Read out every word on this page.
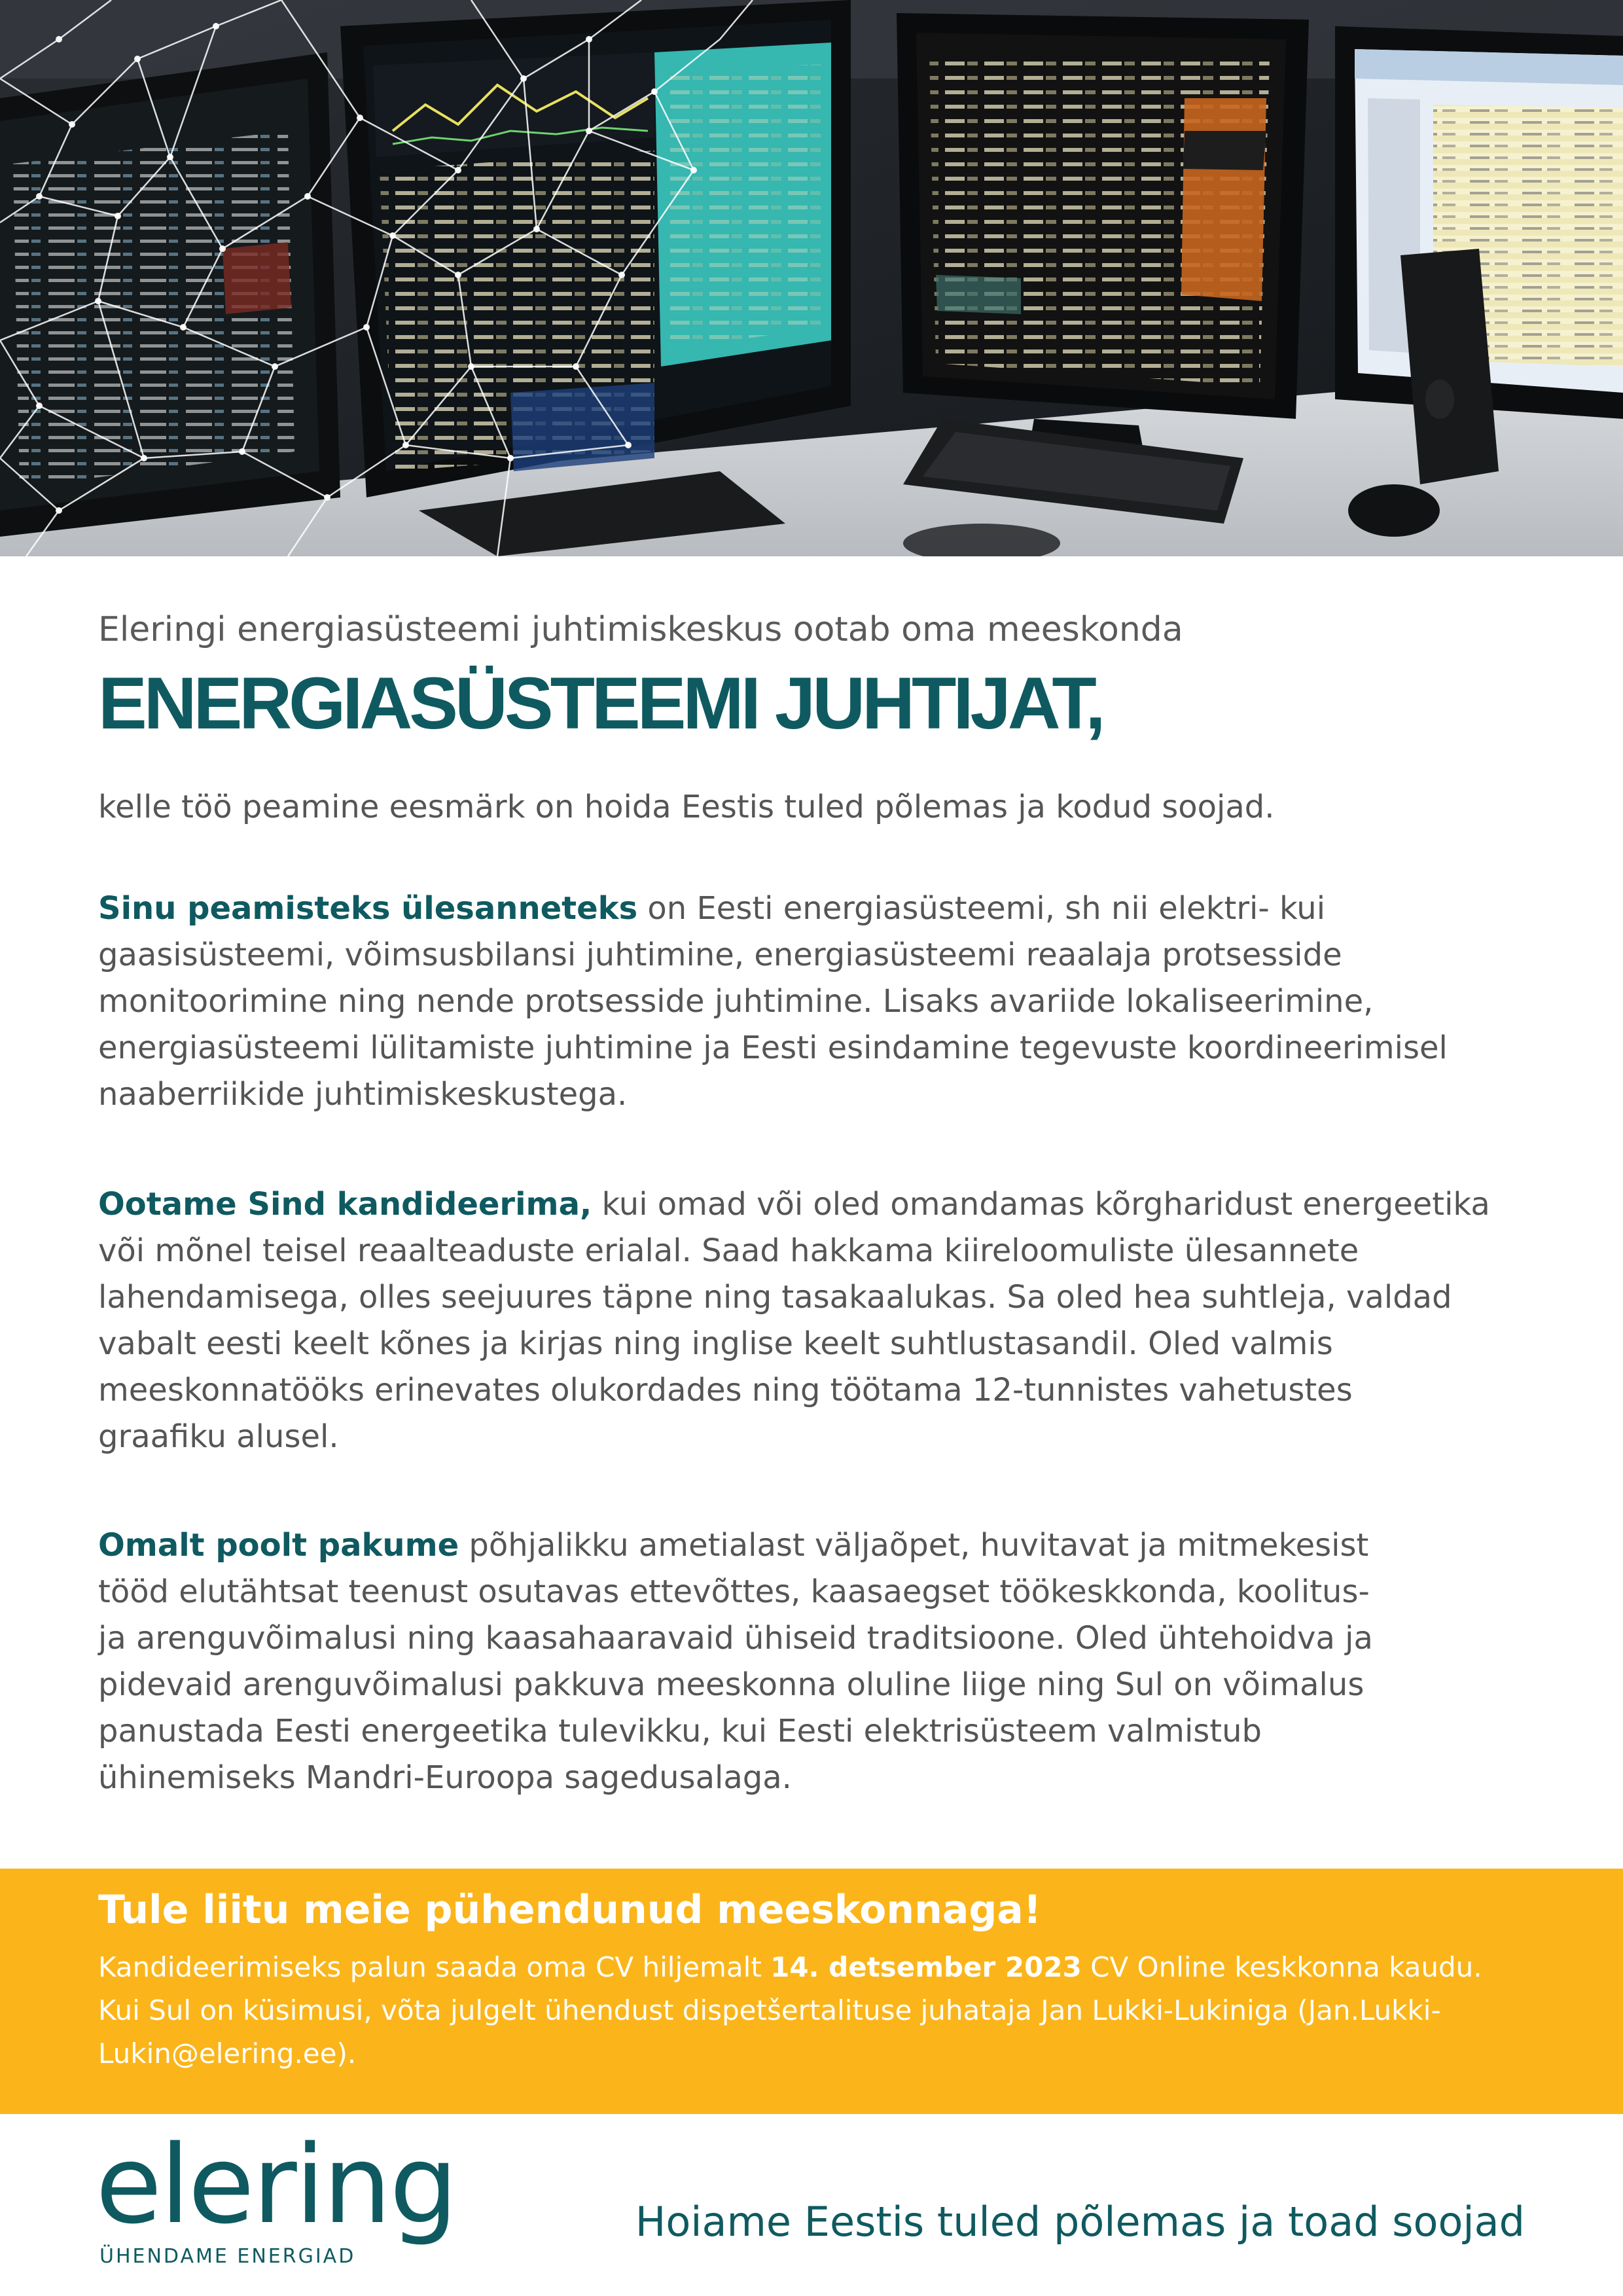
Eleringi energiasüsteemi juhtimiskeskus ootab oma meeskonda
ENERGIASÜSTEEMI JUHTIJAT,
kelle töö peamine eesmärk on hoida Eestis tuled põlemas ja kodud soojad.
Sinu peamisteks ülesanneteks on Eesti energiasüsteemi, sh nii elektri- kui
gaasisüsteemi, võimsusbilansi juhtimine, energiasüsteemi reaalaja protsesside
monitoorimine ning nende protsesside juhtimine. Lisaks avariide lokaliseerimine,
energiasüsteemi lülitamiste juhtimine ja Eesti esindamine tegevuste koordineerimisel
naaberriikide juhtimiskeskustega.
Ootame Sind kandideerima, kui omad või oled omandamas kõrgharidust energeetika
või mõnel teisel reaalteaduste erialal. Saad hakkama kiireloomuliste ülesannete
lahendamisega, olles seejuures täpne ning tasakaalukas. Sa oled hea suhtleja, valdad
vabalt eesti keelt kõnes ja kirjas ning inglise keelt suhtlustasandil. Oled valmis
meeskonnatööks erinevates olukordades ning töötama 12-tunnistes vahetustes
graafiku alusel.
Omalt poolt pakume põhjalikku ametialast väljaõpet, huvitavat ja mitmekesist
tööd elutähtsat teenust osutavas ettevõttes, kaasaegset töökeskkonda, koolitus-
ja arenguvõimalusi ning kaasahaaravaid ühiseid traditsioone. Oled ühtehoidva ja
pidevaid arenguvõimalusi pakkuva meeskonna oluline liige ning Sul on võimalus
panustada Eesti energeetika tulevikku, kui Eesti elektrisüsteem valmistub
ühinemiseks Mandri-Euroopa sagedusalaga.
Tule liitu meie pühendunud meeskonnaga!
Kandideerimiseks palun saada oma CV hiljemalt 14. detsember 2023 CV Online keskkonna kaudu.
Kui Sul on küsimusi, võta julgelt ühendust dispetšertalituse juhataja Jan Lukki-Lukiniga (Jan.Lukki-
Lukin@elering.ee).
elering
ÜHENDAME ENERGIAD
Hoiame Eestis tuled põlemas ja toad soojad
